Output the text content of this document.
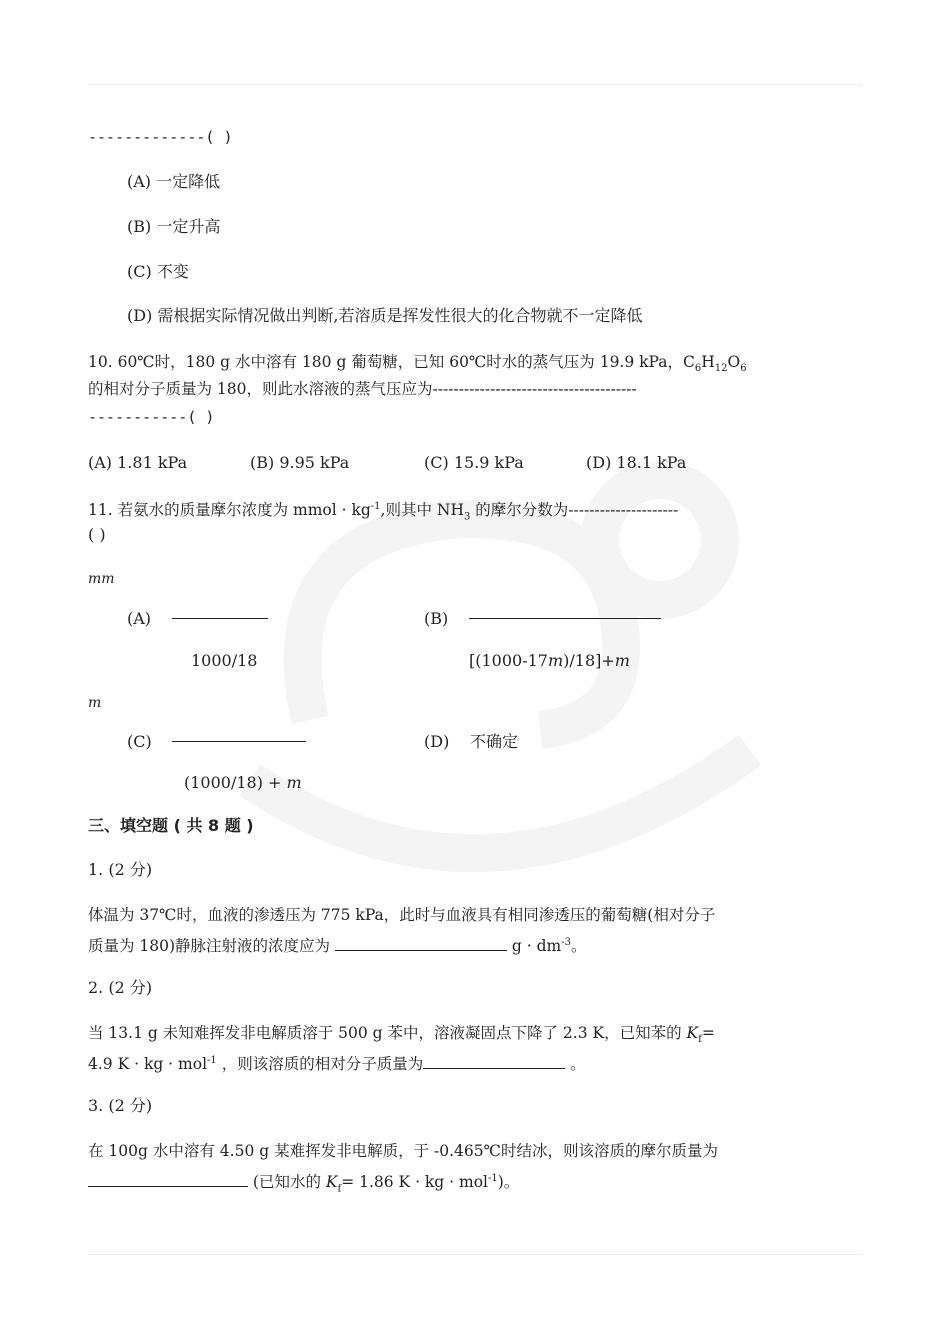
-------------( )
(A) 一定降低
(B) 一定升高
(C) 不变
(D) 需根据实际情况做出判断,若溶质是挥发性很大的化合物就不一定降低
10. 60℃时，180 g 水中溶有 180 g 葡萄糖，已知 60℃时水的蒸气压为 19.9 kPa，$C_6H_{12}O_6$
的相对分子质量为 180，则此水溶液的蒸气压应为---------------------------------------
-----------( )
(A) 1.81 kPa	(B) 9.95 kPa	(C) 15.9 kPa	(D) 18.1 kPa
11. 若氨水的质量摩尔浓度为 mmol · $kg^{-1}$,则其中 $NH_3$ 的摩尔分数为---------------------
( )
mm
(A)
1000/18
(B)
[(1000-17m)/18]+m
m
(C)
(1000/18) + m
(D) 不确定
三、填空题 ( 共 8 题 )
1. (2 分)
体温为 37℃时，血液的渗透压为 775 kPa，此时与血液具有相同渗透压的葡萄糖(相对分子
质量为 180)静脉注射液的浓度应为	$g \cdot dm^{-3}$。
2. (2 分)
当 13.1 g 未知难挥发非电解质溶于 500 g 苯中，溶液凝固点下降了 2.3 K，已知苯的 $K_f=$
4.9 K · kg · mol$^{-1}$ ，则该溶质的相对分子质量为	。
3. (2 分)
在 100g 水中溶有 4.50 g 某难挥发非电解质，于 -0.465℃时结冰，则该溶质的摩尔质量为
(已知水的 $K_f= 1.86$ K · kg · mol$^{-1}$)。
